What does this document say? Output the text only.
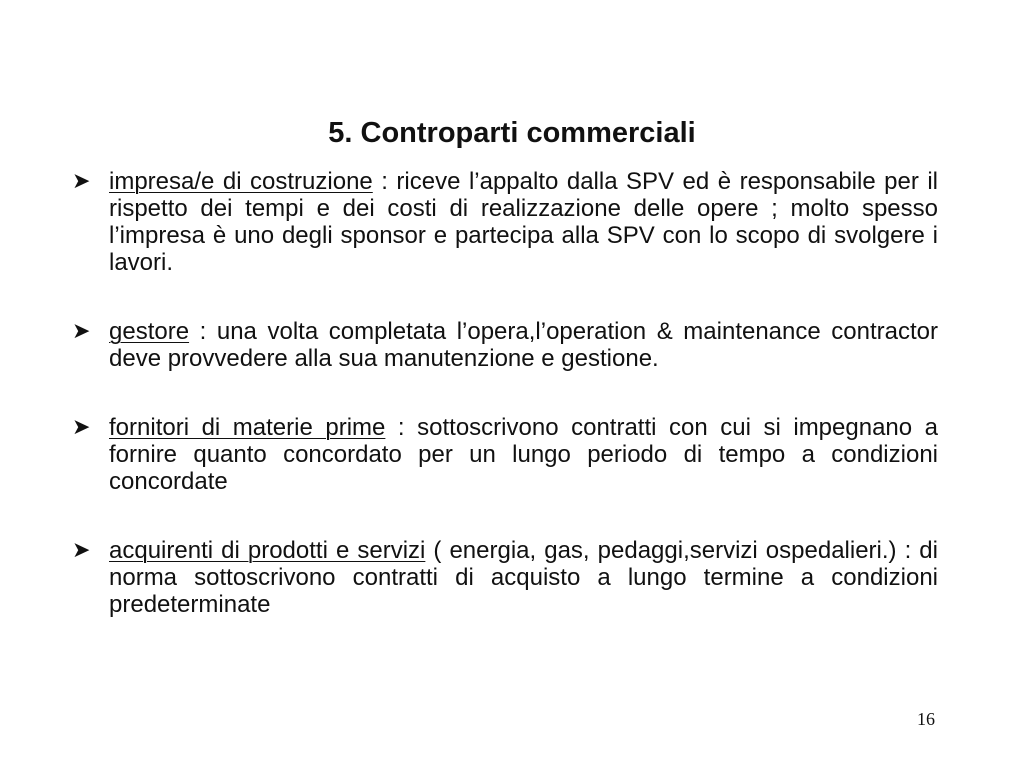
5. Controparti commerciali
➤ impresa/e di costruzione : riceve l’appalto dalla SPV ed è responsabile per il rispetto dei tempi e dei costi di realizzazione delle opere ; molto spesso l’impresa è uno degli sponsor e partecipa alla SPV con lo scopo di svolgere i lavori.
➤ gestore : una volta completata l’opera,l’operation & maintenance contractor deve provvedere alla sua manutenzione e gestione.
➤ fornitori di materie prime : sottoscrivono contratti con cui si impegnano a fornire quanto concordato per un lungo periodo di tempo a condizioni concordate
➤ acquirenti di prodotti e servizi ( energia, gas, pedaggi,servizi ospedalieri.) : di norma sottoscrivono contratti di acquisto a lungo termine a condizioni predeterminate
16
